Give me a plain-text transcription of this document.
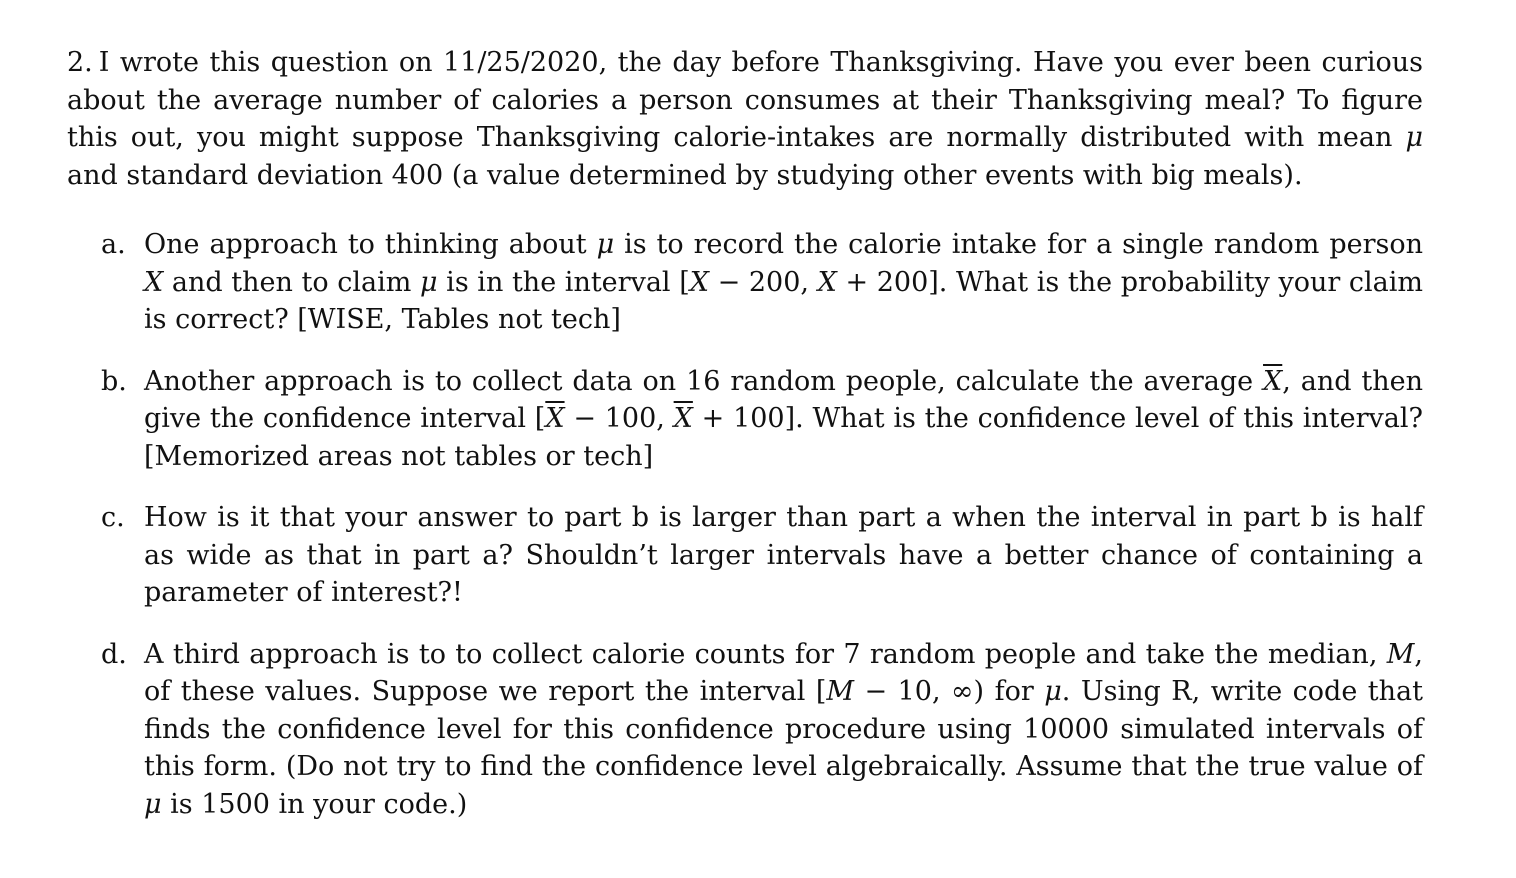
2. I wrote this question on 11/25/2020, the day before Thanksgiving. Have you ever been curious about the average number of calories a person consumes at their Thanksgiving meal? To figure this out, you might suppose Thanksgiving calorie-intakes are normally distributed with mean μ and standard deviation 400 (a value determined by studying other events with big meals).

a. One approach to thinking about μ is to record the calorie intake for a single random person X and then to claim μ is in the interval [X − 200, X + 200]. What is the probability your claim is correct? [WISE, Tables not tech]
b. Another approach is to collect data on 16 random people, calculate the average $\overline{X}$, and then give the confidence interval [$\overline{X} - 100$, $\overline{X} + 100$]. What is the confidence level of this interval? [Memorized areas not tables or tech]
c. How is it that your answer to part b is larger than part a when the interval in part b is half as wide as that in part a? Shouldn’t larger intervals have a better chance of containing a parameter of interest?!
d. A third approach is to to collect calorie counts for 7 random people and take the median, M, of these values. Suppose we report the interval [M − 10, ∞) for μ. Using R, write code that finds the confidence level for this confidence procedure using 10000 simulated intervals of this form. (Do not try to find the confidence level algebraically. Assume that the true value of μ is 1500 in your code.)
